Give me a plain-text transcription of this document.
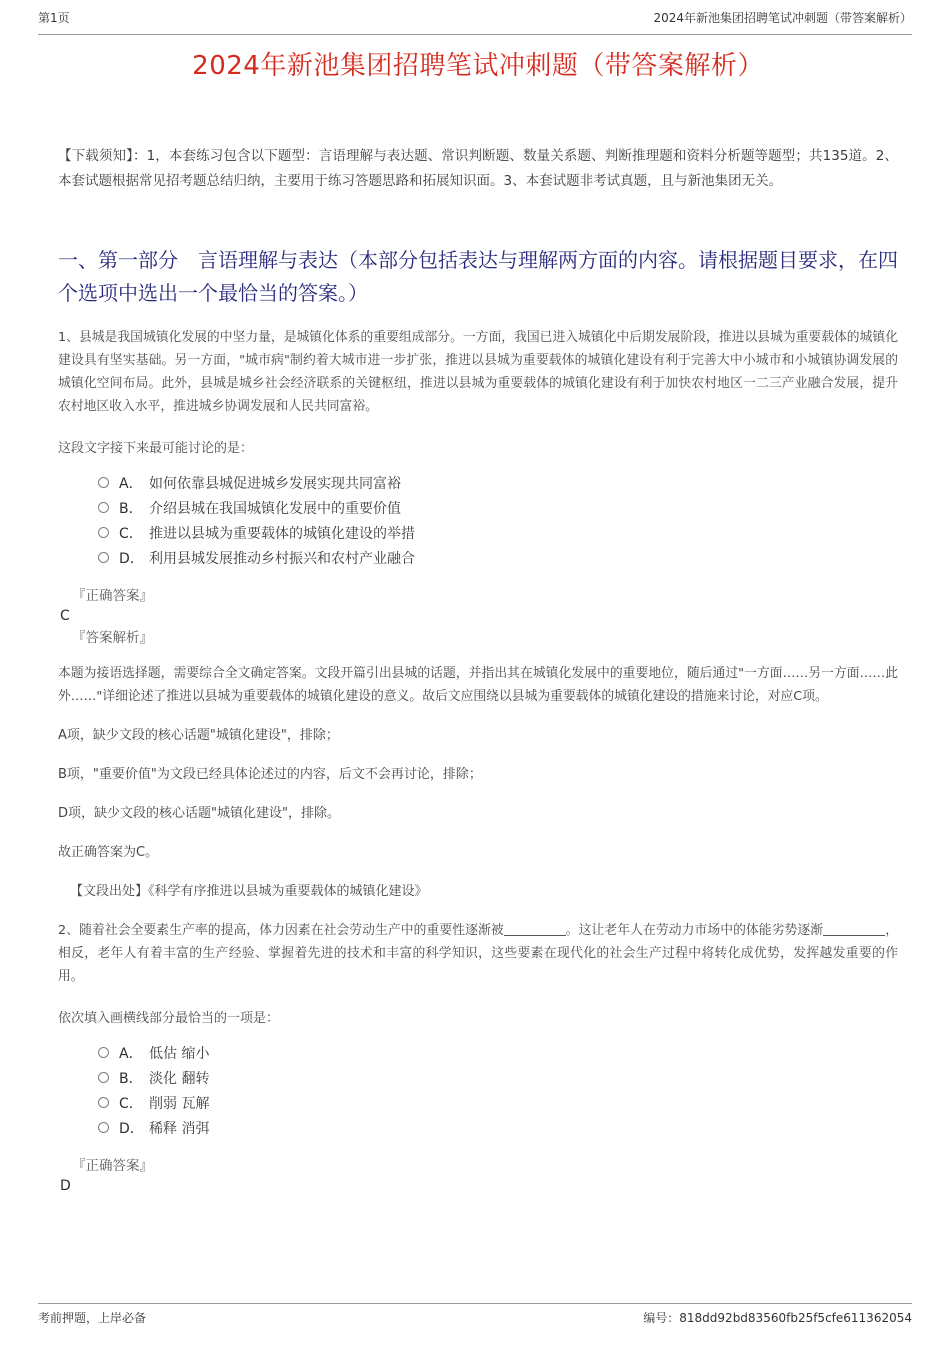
第1页	2024年新池集团招聘笔试冲刺题（带答案解析）
2024年新池集团招聘笔试冲刺题（带答案解析）
【下载须知】：1，本套练习包含以下题型：言语理解与表达题、常识判断题、数量关系题、判断推理题和资料分析题等题型；共135道。2、本套试题根据常见招考题总结归纳，主要用于练习答题思路和拓展知识面。3、本套试题非考试真题，且与新池集团无关。
一、第一部分　言语理解与表达（本部分包括表达与理解两方面的内容。请根据题目要求，在四个选项中选出一个最恰当的答案。）
1、县城是我国城镇化发展的中坚力量，是城镇化体系的重要组成部分。一方面，我国已进入城镇化中后期发展阶段，推进以县城为重要载体的城镇化建设具有坚实基础。另一方面，"城市病"制约着大城市进一步扩张，推进以县城为重要载体的城镇化建设有利于完善大中小城市和小城镇协调发展的城镇化空间布局。此外，县城是城乡社会经济联系的关键枢纽，推进以县城为重要载体的城镇化建设有利于加快农村地区一二三产业融合发展，提升农村地区收入水平，推进城乡协调发展和人民共同富裕。
这段文字接下来最可能讨论的是：
A． 如何依靠县城促进城乡发展实现共同富裕
B． 介绍县城在我国城镇化发展中的重要价值
C． 推进以县城为重要载体的城镇化建设的举措
D． 利用县城发展推动乡村振兴和农村产业融合
『正确答案』
C
『答案解析』
本题为接语选择题，需要综合全文确定答案。文段开篇引出县城的话题，并指出其在城镇化发展中的重要地位，随后通过"一方面……另一方面……此外……"详细论述了推进以县城为重要载体的城镇化建设的意义。故后文应围绕以县城为重要载体的城镇化建设的措施来讨论，对应C项。
A项，缺少文段的核心话题"城镇化建设"，排除；
B项，"重要价值"为文段已经具体论述过的内容，后文不会再讨论，排除；
D项，缺少文段的核心话题"城镇化建设"，排除。
故正确答案为C。
【文段出处】《科学有序推进以县城为重要载体的城镇化建设》
2、随着社会全要素生产率的提高，体力因素在社会劳动生产中的重要性逐渐被	。这让老年人在劳动力市场中的体能劣势逐渐	，相反，老年人有着丰富的生产经验、掌握着先进的技术和丰富的科学知识，这些要素在现代化的社会生产过程中将转化成优势，发挥越发重要的作用。
依次填入画横线部分最恰当的一项是：
A． 低估 缩小
B． 淡化 翻转
C． 削弱 瓦解
D． 稀释 消弭
『正确答案』
D
考前押题，上岸必备	编号：818dd92bd83560fb25f5cfe611362054
